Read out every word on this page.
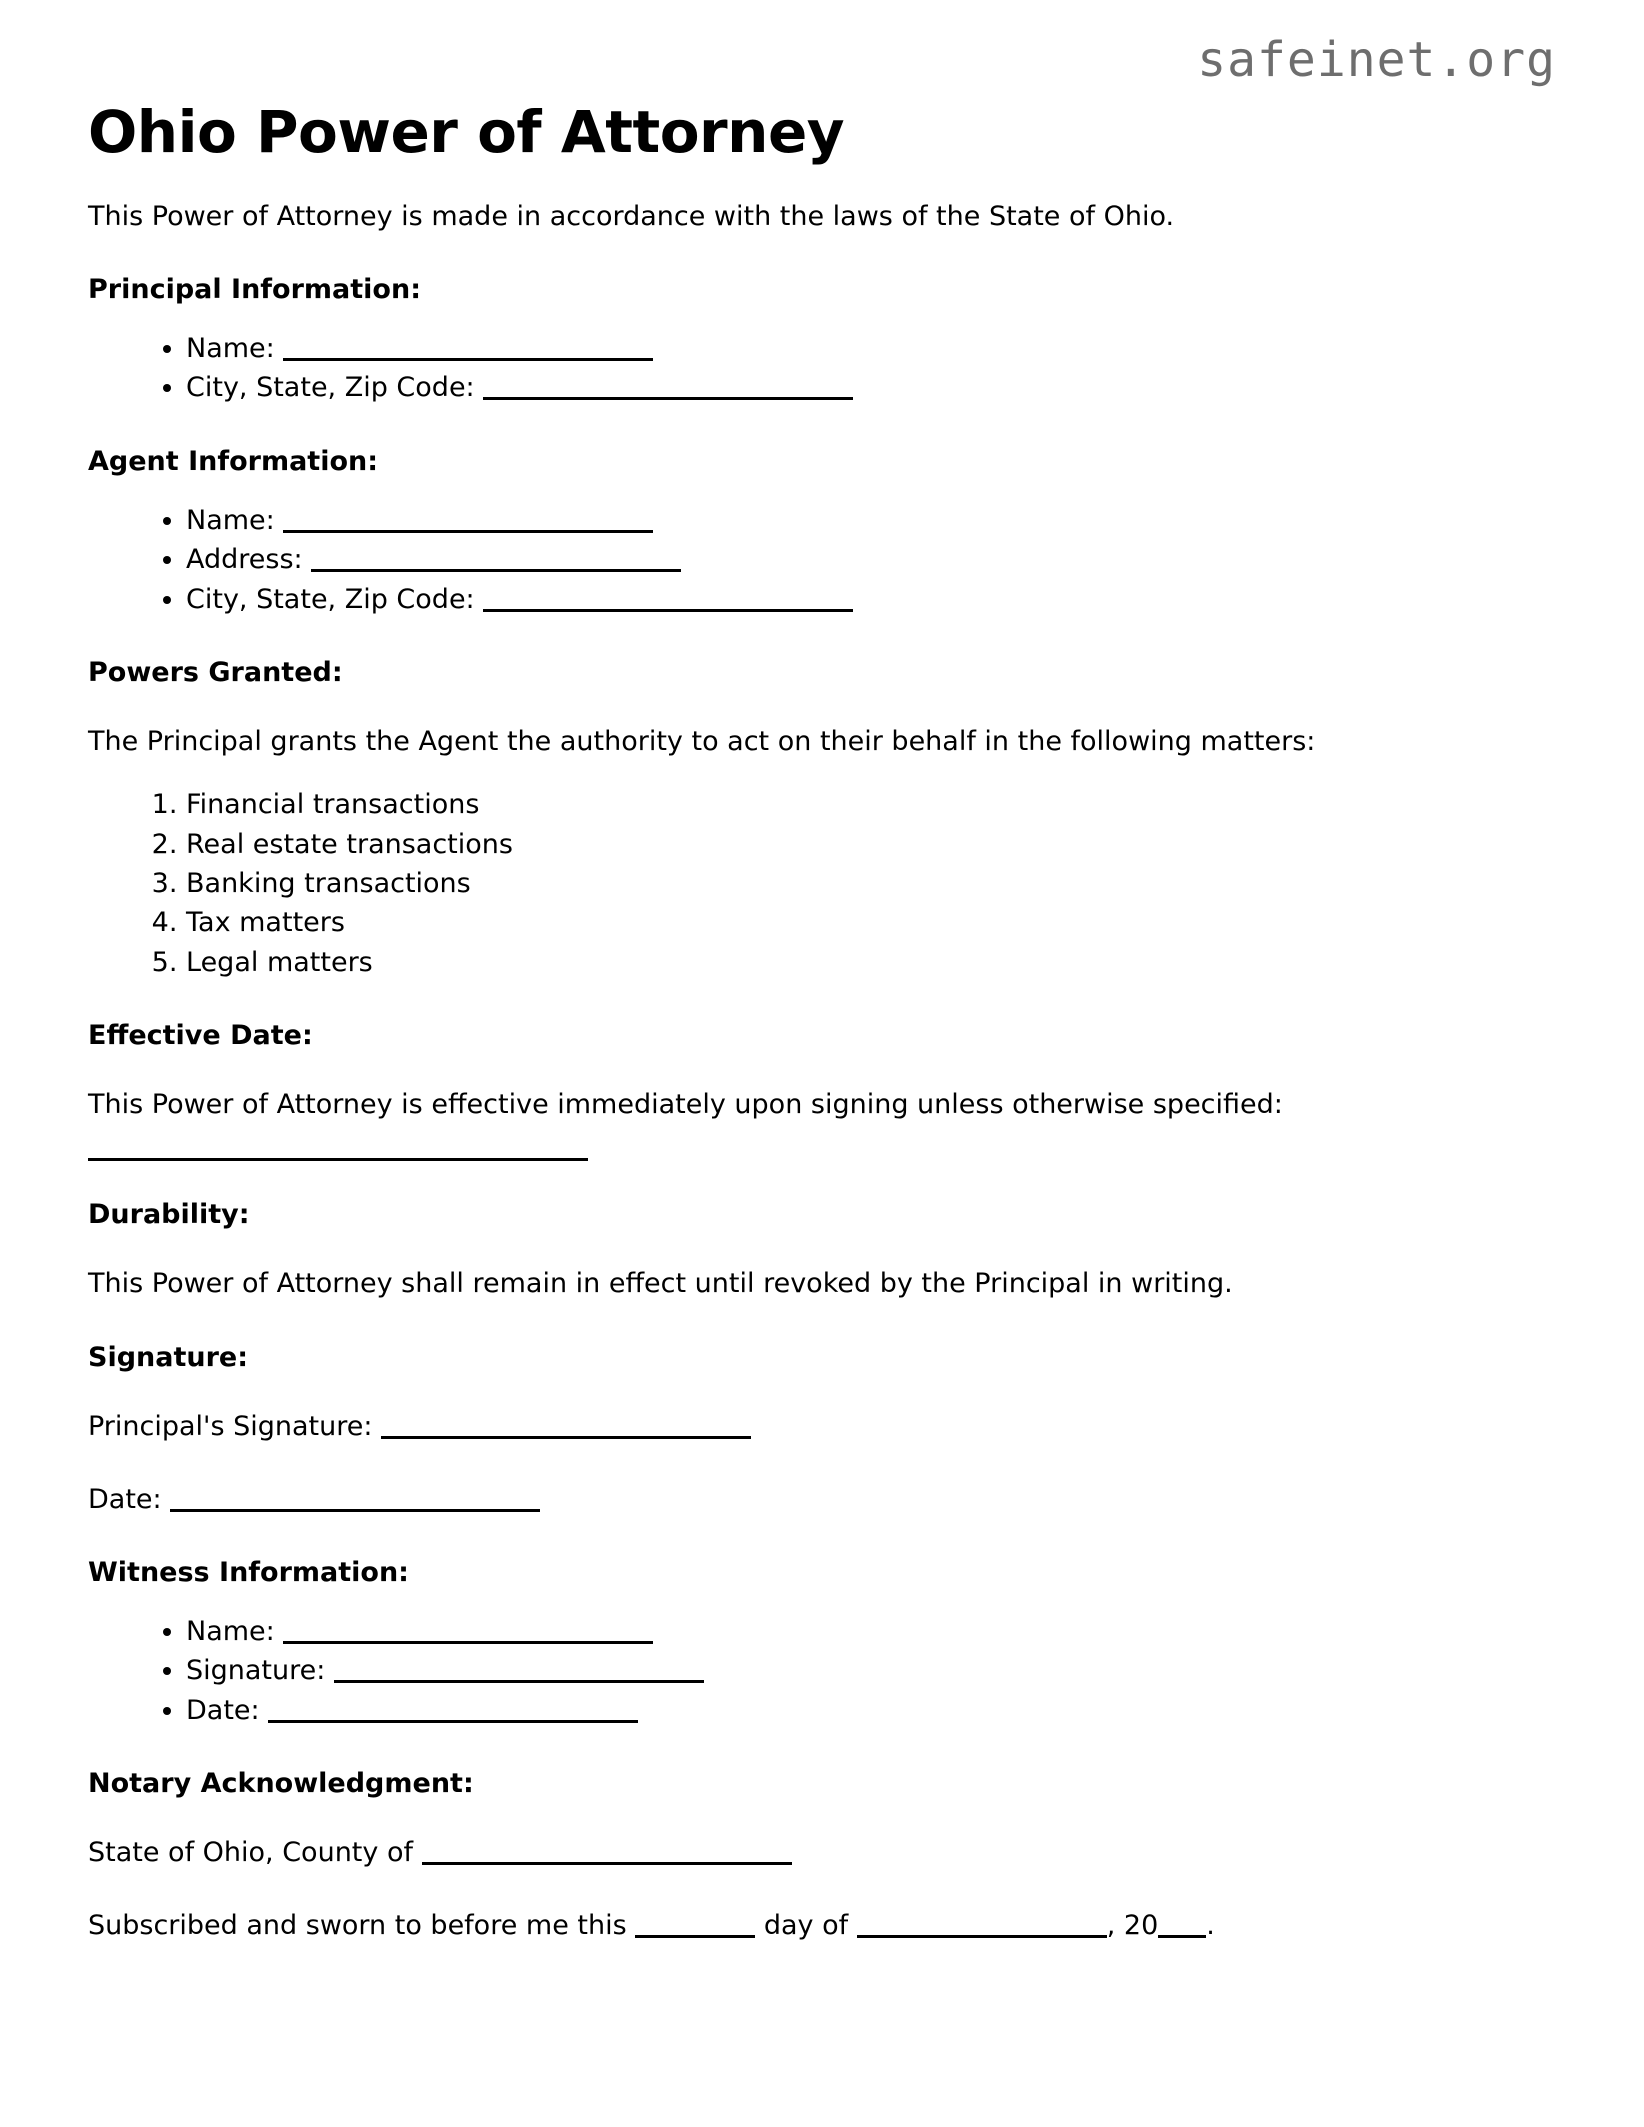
safeinet.org
Ohio Power of Attorney

This Power of Attorney is made in accordance with the laws of the State of Ohio.

Principal Information:
• Name:
• City, State, Zip Code:
Agent Information:
• Name:
• Address:
• City, State, Zip Code:
Powers Granted:

The Principal grants the Agent the authority to act on their behalf in the following matters:

1. Financial transactions
2. Real estate transactions
3. Banking transactions
4. Tax matters
5. Legal matters
Effective Date:

This Power of Attorney is effective immediately upon signing unless otherwise specified:

Durability:

This Power of Attorney shall remain in effect until revoked by the Principal in writing.

Signature:
Principal's Signature:
Date:
Witness Information:
• Name:
• Signature:
• Date:
Notary Acknowledgment:
State of Ohio, County of
Subscribed and sworn to before me this	day of	, 20 .
